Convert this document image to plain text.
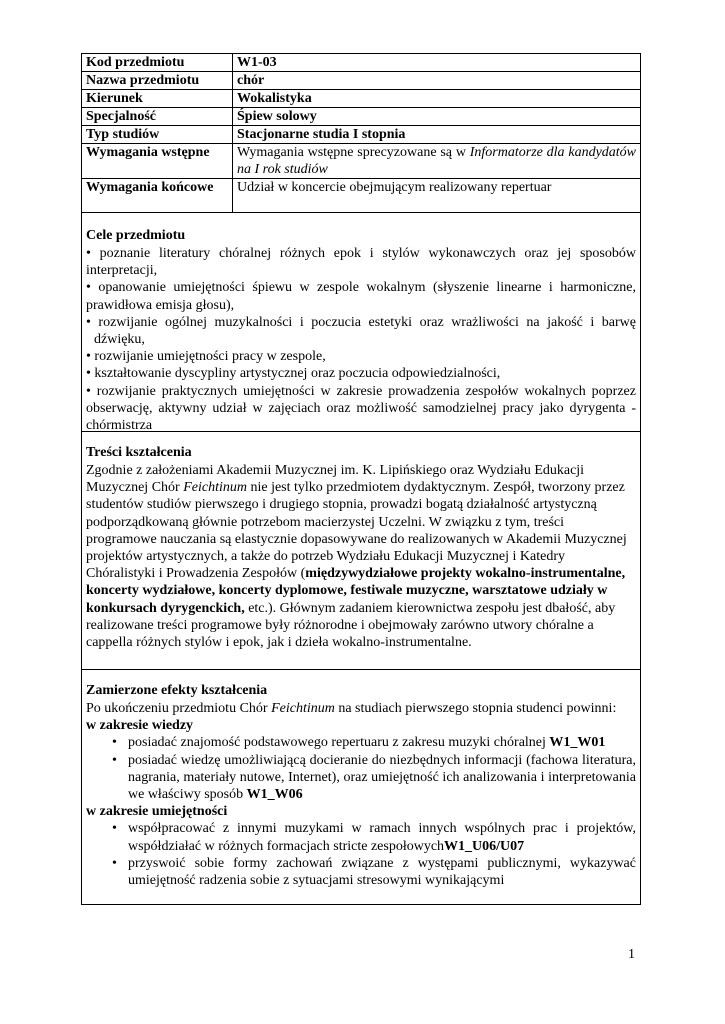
Kod przedmiotu	W1-03
Nazwa przedmiotu	chór
Kierunek	Wokalistyka
Specjalność	Śpiew solowy
Typ studiów	Stacjonarne studia I stopnia
Wymagania wstępne	Wymagania wstępne sprecyzowane są w Informatorze dla kandydatów na I rok studiów
Wymagania końcowe	Udział w koncercie obejmującym realizowany repertuar
Cele przedmiotu

• poznanie literatury chóralnej różnych epok i stylów wykonawczych oraz jej sposobów interpretacji,

• opanowanie umiejętności śpiewu w zespole wokalnym (słyszenie linearne i harmoniczne, prawidłowa emisja głosu),

• rozwijanie ogólnej muzykalności i poczucia estetyki oraz wrażliwości na jakość i barwę dźwięku,

• rozwijanie umiejętności pracy w zespole,

• kształtowanie dyscypliny artystycznej oraz poczucia odpowiedzialności,

• rozwijanie praktycznych umiejętności w zakresie prowadzenia zespołów wokalnych poprzez obserwację, aktywny udział w zajęciach oraz możliwość samodzielnej pracy jako dyrygenta - chórmistrza

Treści kształcenia

Zgodnie z założeniami Akademii Muzycznej im. K. Lipińskiego oraz Wydziału Edukacji Muzycznej Chór Feichtinum nie jest tylko przedmiotem dydaktycznym. Zespół, tworzony przez studentów studiów pierwszego i drugiego stopnia, prowadzi bogatą działalność artystyczną podporządkowaną głównie potrzebom macierzystej Uczelni. W związku z tym, treści programowe nauczania są elastycznie dopasowywane do realizowanych w Akademii Muzycznej projektów artystycznych, a także do potrzeb Wydziału Edukacji Muzycznej i Katedry Chóralistyki i Prowadzenia Zespołów (międzywydziałowe projekty wokalno-instrumentalne, koncerty wydziałowe, koncerty dyplomowe, festiwale muzyczne, warsztatowe udziały w konkursach dyrygenckich, etc.). Głównym zadaniem kierownictwa zespołu jest dbałość, aby realizowane treści programowe były różnorodne i obejmowały zarówno utwory chóralne a cappella różnych stylów i epok, jak i dzieła wokalno-instrumentalne.

Zamierzone efekty kształcenia

Po ukończeniu przedmiotu Chór Feichtinum na studiach pierwszego stopnia studenci powinni:

w zakresie wiedzy

• posiadać znajomość podstawowego repertuaru z zakresu muzyki chóralnej W1_W01
• posiadać wiedzę umożliwiającą docieranie do niezbędnych informacji (fachowa literatura, nagrania, materiały nutowe, Internet), oraz umiejętność ich analizowania i interpretowania we właściwy sposób W1_W06

w zakresie umiejętności

• współpracować z innymi muzykami w ramach innych wspólnych prac i projektów, współdziałać w różnych formacjach stricte zespołowychW1_U06/U07
• przyswoić sobie formy zachowań związane z występami publicznymi, wykazywać umiejętność radzenia sobie z sytuacjami stresowymi wynikającymi
1
